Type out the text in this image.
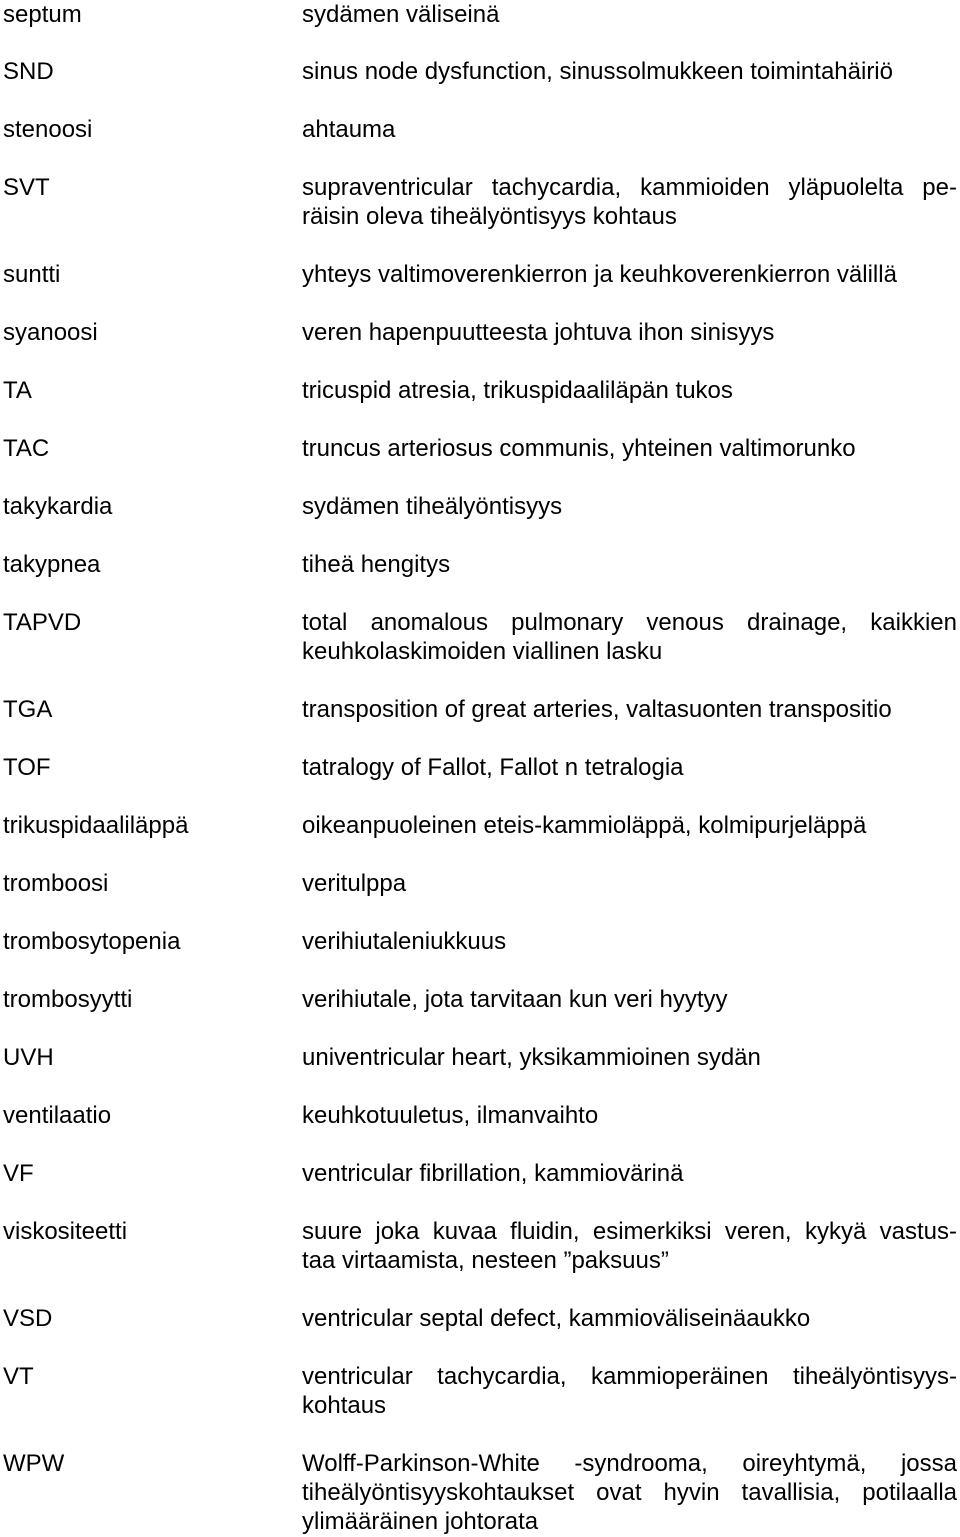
septum	sydämen väliseinä
SND	sinus node dysfunction, sinussolmukkeen toimintahäiriö
stenoosi	ahtauma
SVT	supraventricular tachycardia, kammioiden yläpuolelta pe-
räisin oleva tiheälyöntisyys kohtaus
suntti	yhteys valtimoverenkierron ja keuhkoverenkierron välillä
syanoosi	veren hapenpuutteesta johtuva ihon sinisyys
TA	tricuspid atresia, trikuspidaaliläpän tukos
TAC	truncus arteriosus communis, yhteinen valtimorunko
takykardia	sydämen tiheälyöntisyys
takypnea	tiheä hengitys
TAPVD	total anomalous pulmonary venous drainage, kaikkien
keuhkolaskimoiden viallinen lasku
TGA	transposition of great arteries, valtasuonten transpositio
TOF	tatralogy of Fallot, Fallot n tetralogia
trikuspidaaliläppä	oikeanpuoleinen eteis-kammioläppä, kolmipurjeläppä
tromboosi	veritulppa
trombosytopenia	verihiutaleniukkuus
trombosyytti	verihiutale, jota tarvitaan kun veri hyytyy
UVH	univentricular heart, yksikammioinen sydän
ventilaatio	keuhkotuuletus, ilmanvaihto
VF	ventricular fibrillation, kammiovärinä
viskositeetti	suure joka kuvaa fluidin, esimerkiksi veren, kykyä vastus-
taa virtaamista, nesteen ”paksuus”
VSD	ventricular septal defect, kammioväliseinäaukko
VT	ventricular tachycardia, kammioperäinen tiheälyöntisyys-
kohtaus
WPW	Wolff-Parkinson-White -syndrooma, oireyhtymä, jossa
tiheälyöntisyyskohtaukset ovat hyvin tavallisia, potilaalla
ylimääräinen johtorata
